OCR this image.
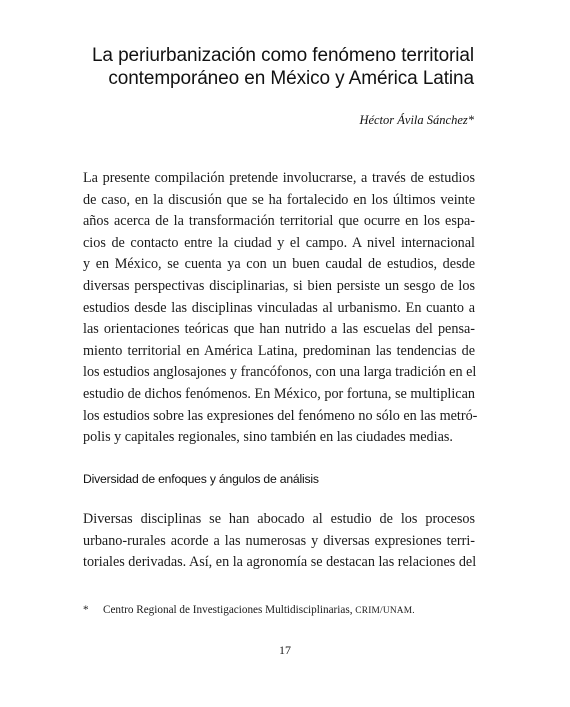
La periurbanización como fenómeno territorial
contemporáneo en México y América Latina
Héctor Ávila Sánchez*
La presente compilación pretende involucrarse, a través de estudios
de caso, en la discusión que se ha fortalecido en los últimos veinte
años acerca de la transformación territorial que ocurre en los espa-
cios de contacto entre la ciudad y el campo. A nivel internacional
y en México, se cuenta ya con un buen caudal de estudios, desde
diversas perspectivas disciplinarias, si bien persiste un sesgo de los
estudios desde las disciplinas vinculadas al urbanismo. En cuanto a
las orientaciones teóricas que han nutrido a las escuelas del pensa-
miento territorial en América Latina, predominan las tendencias de
los estudios anglosajones y francófonos, con una larga tradición en el
estudio de dichos fenómenos. En México, por fortuna, se multiplican
los estudios sobre las expresiones del fenómeno no sólo en las metró-
polis y capitales regionales, sino también en las ciudades medias.
Diversidad de enfoques y ángulos de análisis
Diversas disciplinas se han abocado al estudio de los procesos
urbano-rurales acorde a las numerosas y diversas expresiones terri-
toriales derivadas. Así, en la agronomía se destacan las relaciones del
* Centro Regional de Investigaciones Multidisciplinarias, CRIM/UNAM.
17
